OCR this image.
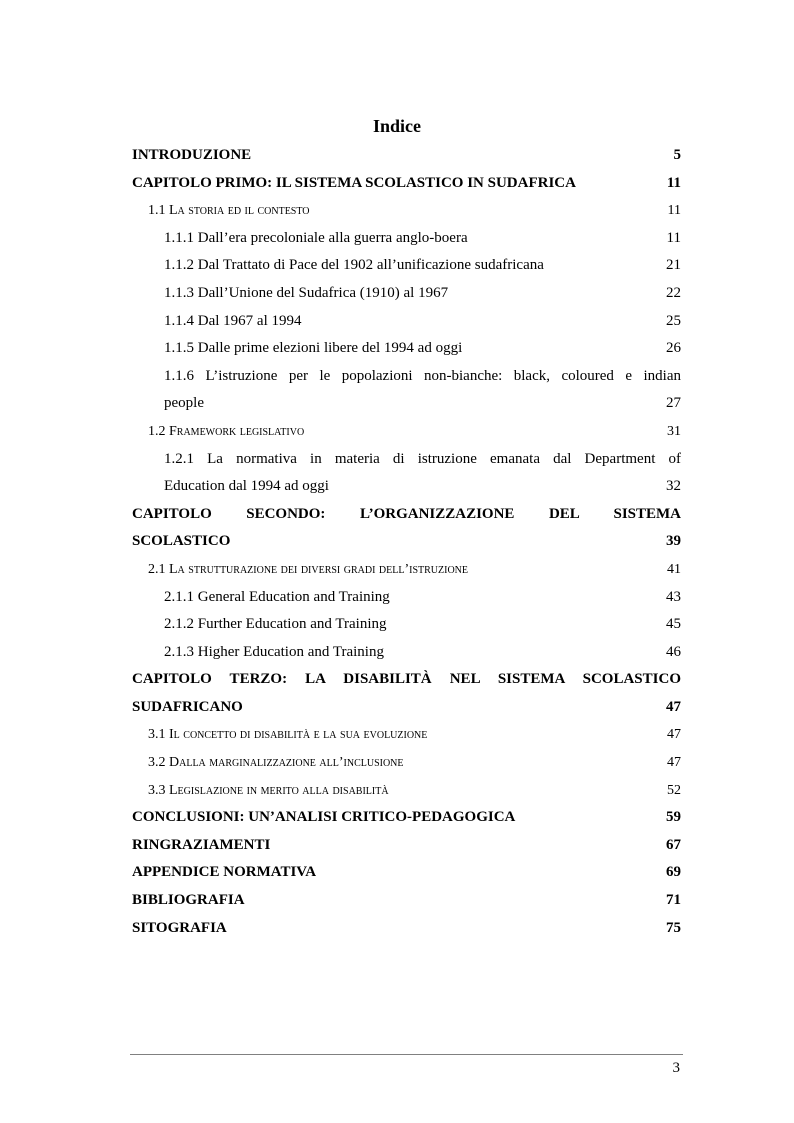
Indice
INTRODUZIONE	5
CAPITOLO PRIMO: IL SISTEMA SCOLASTICO IN SUDAFRICA	11
1.1 La storia ed il contesto	11
1.1.1 Dall’era precoloniale alla guerra anglo-boera	11
1.1.2 Dal Trattato di Pace del 1902 all’unificazione sudafricana	21
1.1.3 Dall’Unione del Sudafrica (1910) al 1967	22
1.1.4 Dal 1967 al 1994	25
1.1.5 Dalle prime elezioni libere del 1994 ad oggi	26
1.1.6 L’istruzione per le popolazioni non-bianche: black, coloured e indian
people	27
1.2 Framework legislativo	31
1.2.1 La normativa in materia di istruzione emanata dal Department of
Education dal 1994 ad oggi	32
CAPITOLO SECONDO: L’ORGANIZZAZIONE DEL SISTEMA
SCOLASTICO	39
2.1 La strutturazione dei diversi gradi dell’istruzione	41
2.1.1 General Education and Training	43
2.1.2 Further Education and Training	45
2.1.3 Higher Education and Training	46
CAPITOLO TERZO: LA DISABILITÀ NEL SISTEMA SCOLASTICO
SUDAFRICANO	47
3.1 Il concetto di disabilità e la sua evoluzione	47
3.2 Dalla marginalizzazione all’inclusione	47
3.3 Legislazione in merito alla disabilità	52
CONCLUSIONI: UN’ANALISI CRITICO-PEDAGOGICA	59
RINGRAZIAMENTI	67
APPENDICE NORMATIVA	69
BIBLIOGRAFIA	71
SITOGRAFIA	75
3
